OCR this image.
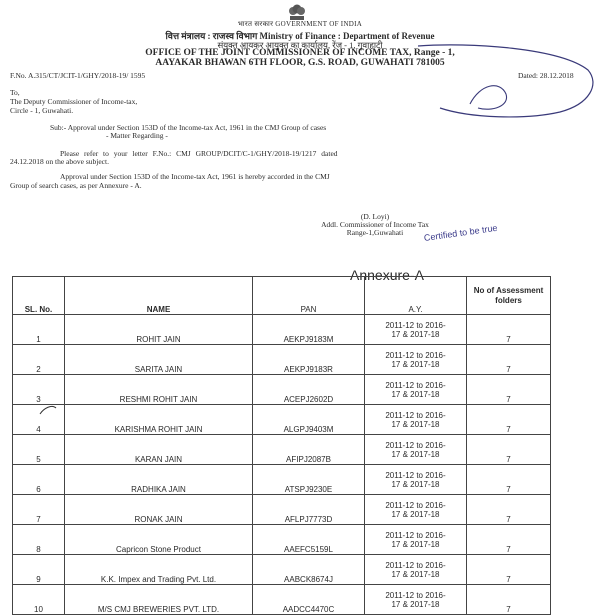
भारत सरकार GOVERNMENT OF INDIA
वित्त मंत्रालय : राजस्व विभाग Ministry of Finance : Department of Revenue
संयुक्त आयकर आयुक्त का कार्यालय, रेंज - 1, गुवाहाटी
OFFICE OF THE JOINT COMMISSIONER OF INCOME TAX, Range - 1,
AAYAKAR BHAWAN 6TH FLOOR, G.S. ROAD, GUWAHATI 781005
F.No. A.315/CT/JCIT-1/GHY/2018-19/ 1595	Dated: 28.12.2018
To,
The Deputy Commissioner of Income-tax,
Circle - 1, Guwahati.
Sub:- Approval under Section 153D of the Income-tax Act, 1961 in the CMJ Group of cases
- Matter Regarding -
Please refer to your letter F.No.: CMJ GROUP/DCIT/C-1/GHY/2018-19/1217 dated
24.12.2018 on the above subject.
Approval under Section 153D of the Income-tax Act, 1961 is hereby accorded in the CMJ
Group of search cases, as per Annexure - A.
(D. Loyi)
Addl. Commissioner of Income Tax
Range-1,Guwahati	Certified to be true
Annexure-A
SL. No.	NAME	PAN	A.Y.	No of Assessment folders
1	ROHIT JAIN	AEKPJ9183M	2011-12 to 2016-
17 & 2017-18	7
2	SARITA JAIN	AEKPJ9183R	2011-12 to 2016-
17 & 2017-18	7
3	RESHMI ROHIT JAIN	ACEPJ2602D	2011-12 to 2016-
17 & 2017-18	7
4	KARISHMA ROHIT JAIN	ALGPJ9403M	2011-12 to 2016-
17 & 2017-18	7
5	KARAN JAIN	AFIPJ2087B	2011-12 to 2016-
17 & 2017-18	7
6	RADHIKA JAIN	ATSPJ9230E	2011-12 to 2016-
17 & 2017-18	7
7	RONAK JAIN	AFLPJ7773D	2011-12 to 2016-
17 & 2017-18	7
8	Capricon Stone Product	AAEFC5159L	2011-12 to 2016-
17 & 2017-18	7
9	K.K. Impex and Trading Pvt. Ltd.	AABCK8674J	2011-12 to 2016-
17 & 2017-18	7
10	M/S CMJ BREWERIES PVT. LTD.	AADCC4470C	2011-12 to 2016-
17 & 2017-18	7
